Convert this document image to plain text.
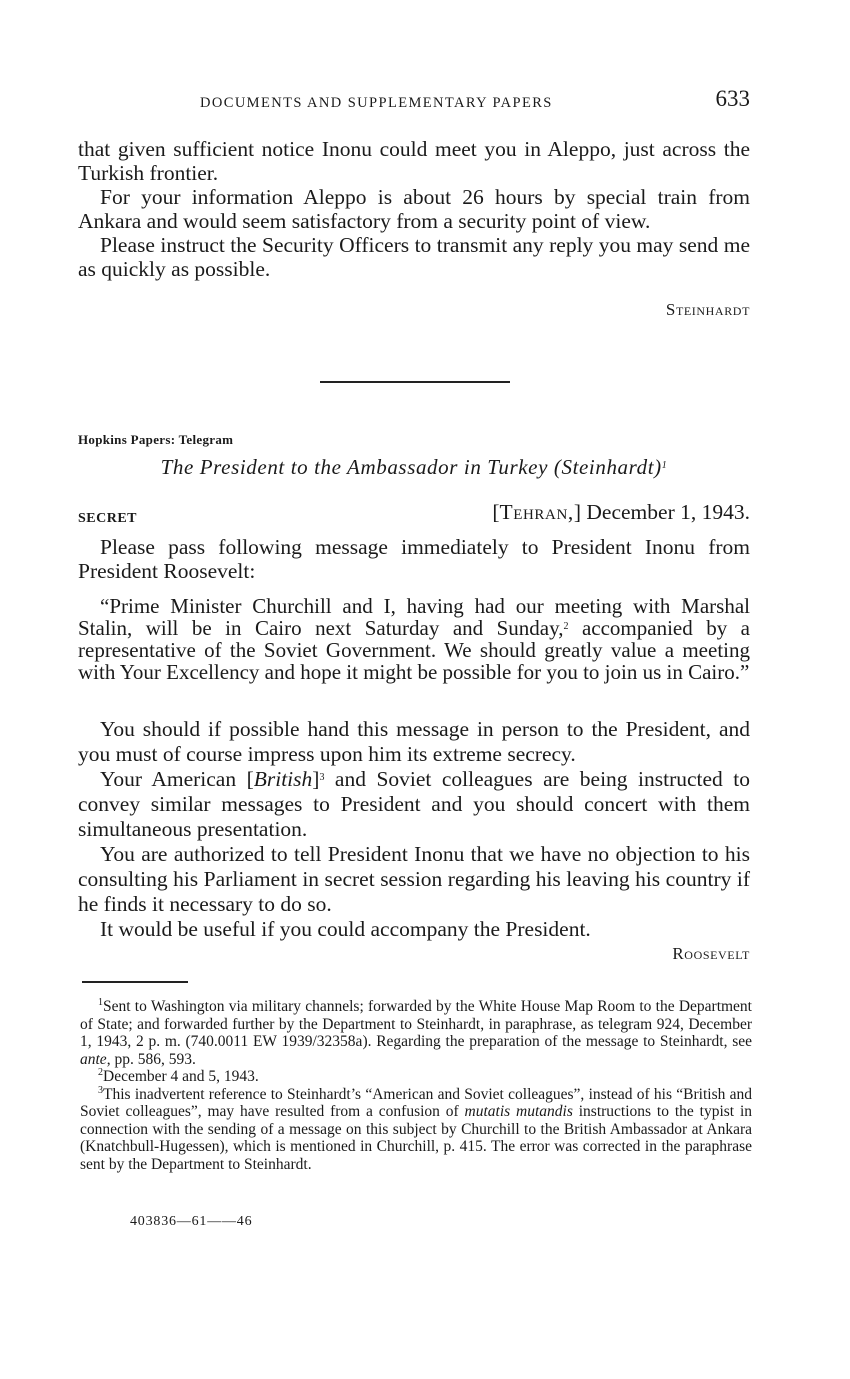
DOCUMENTS AND SUPPLEMENTARY PAPERS	633

that given sufficient notice Inonu could meet you in Aleppo, just across the Turkish frontier.

For your information Aleppo is about 26 hours by special train from Ankara and would seem satisfactory from a security point of view.

Please instruct the Security Officers to transmit any reply you may send me as quickly as possible.

Steinhardt
Hopkins Papers: Telegram
The President to the Ambassador in Turkey (Steinhardt)$^1$
SECRET	[Tehran,] December 1, 1943.

Please pass following message immediately to President Inonu from President Roosevelt:

“Prime Minister Churchill and I, having had our meeting with Marshal Stalin, will be in Cairo next Saturday and Sunday,$^2$ accompanied by a representative of the Soviet Government. We should greatly value a meeting with Your Excellency and hope it might be possible for you to join us in Cairo.”

You should if possible hand this message in person to the President, and you must of course impress upon him its extreme secrecy.

Your American [British]$^3$ and Soviet colleagues are being instructed to convey similar messages to President and you should concert with them simultaneous presentation.

You are authorized to tell President Inonu that we have no objection to his consulting his Parliament in secret session regarding his leaving his country if he finds it necessary to do so.

It would be useful if you could accompany the President.

Roosevelt

$^1$Sent to Washington via military channels; forwarded by the White House Map Room to the Department of State; and forwarded further by the Department to Steinhardt, in paraphrase, as telegram 924, December 1, 1943, 2 p. m. (740.0011 EW 1939/32358a). Regarding the preparation of the message to Steinhardt, see ante, pp. 586, 593.

$^2$December 4 and 5, 1943.

$^3$This inadvertent reference to Steinhardt’s “American and Soviet colleagues”, instead of his “British and Soviet colleagues”, may have resulted from a confusion of mutatis mutandis instructions to the typist in connection with the sending of a message on this subject by Churchill to the British Ambassador at Ankara (Knatchbull-Hugessen), which is mentioned in Churchill, p. 415. The error was corrected in the paraphrase sent by the Department to Steinhardt.

403836—61——46
